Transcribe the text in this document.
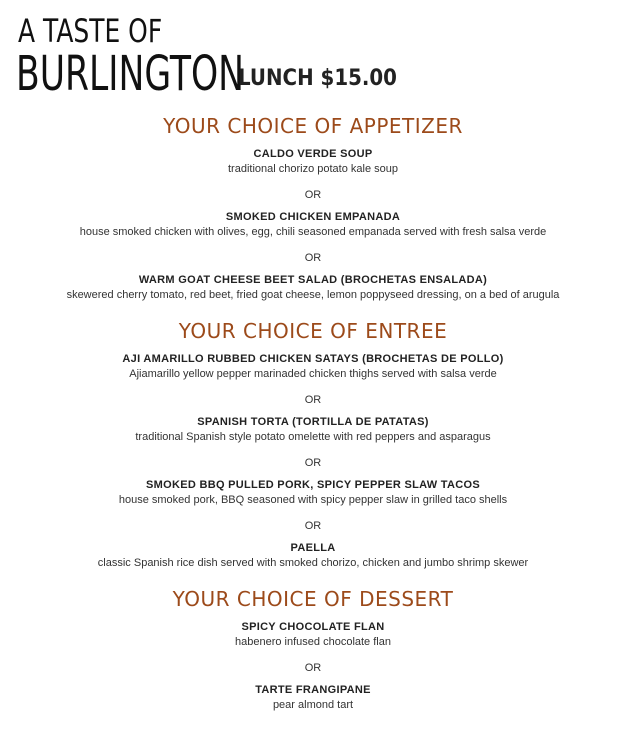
A TASTE OF
BURLINGTON
LUNCH $15.00
YOUR CHOICE OF APPETIZER
CALDO VERDE SOUP
traditional chorizo potato kale soup
OR
SMOKED CHICKEN EMPANADA
house smoked chicken with olives, egg, chili seasoned empanada served with fresh salsa verde
OR
WARM GOAT CHEESE BEET SALAD (BROCHETAS ENSALADA)
skewered cherry tomato, red beet, fried goat cheese, lemon poppyseed dressing, on a bed of arugula
YOUR CHOICE OF ENTREE
AJI AMARILLO RUBBED CHICKEN SATAYS (BROCHETAS DE POLLO)
Ajiamarillo yellow pepper marinaded chicken thighs served with salsa verde
OR
SPANISH TORTA (TORTILLA DE PATATAS)
traditional Spanish style potato omelette with red peppers and asparagus
OR
SMOKED BBQ PULLED PORK, SPICY PEPPER SLAW TACOS
house smoked pork, BBQ seasoned with spicy pepper slaw in grilled taco shells
OR
PAELLA
classic Spanish rice dish served with smoked chorizo, chicken and jumbo shrimp skewer
YOUR CHOICE OF DESSERT
SPICY CHOCOLATE FLAN
habenero infused chocolate flan
OR
TARTE FRANGIPANE
pear almond tart
